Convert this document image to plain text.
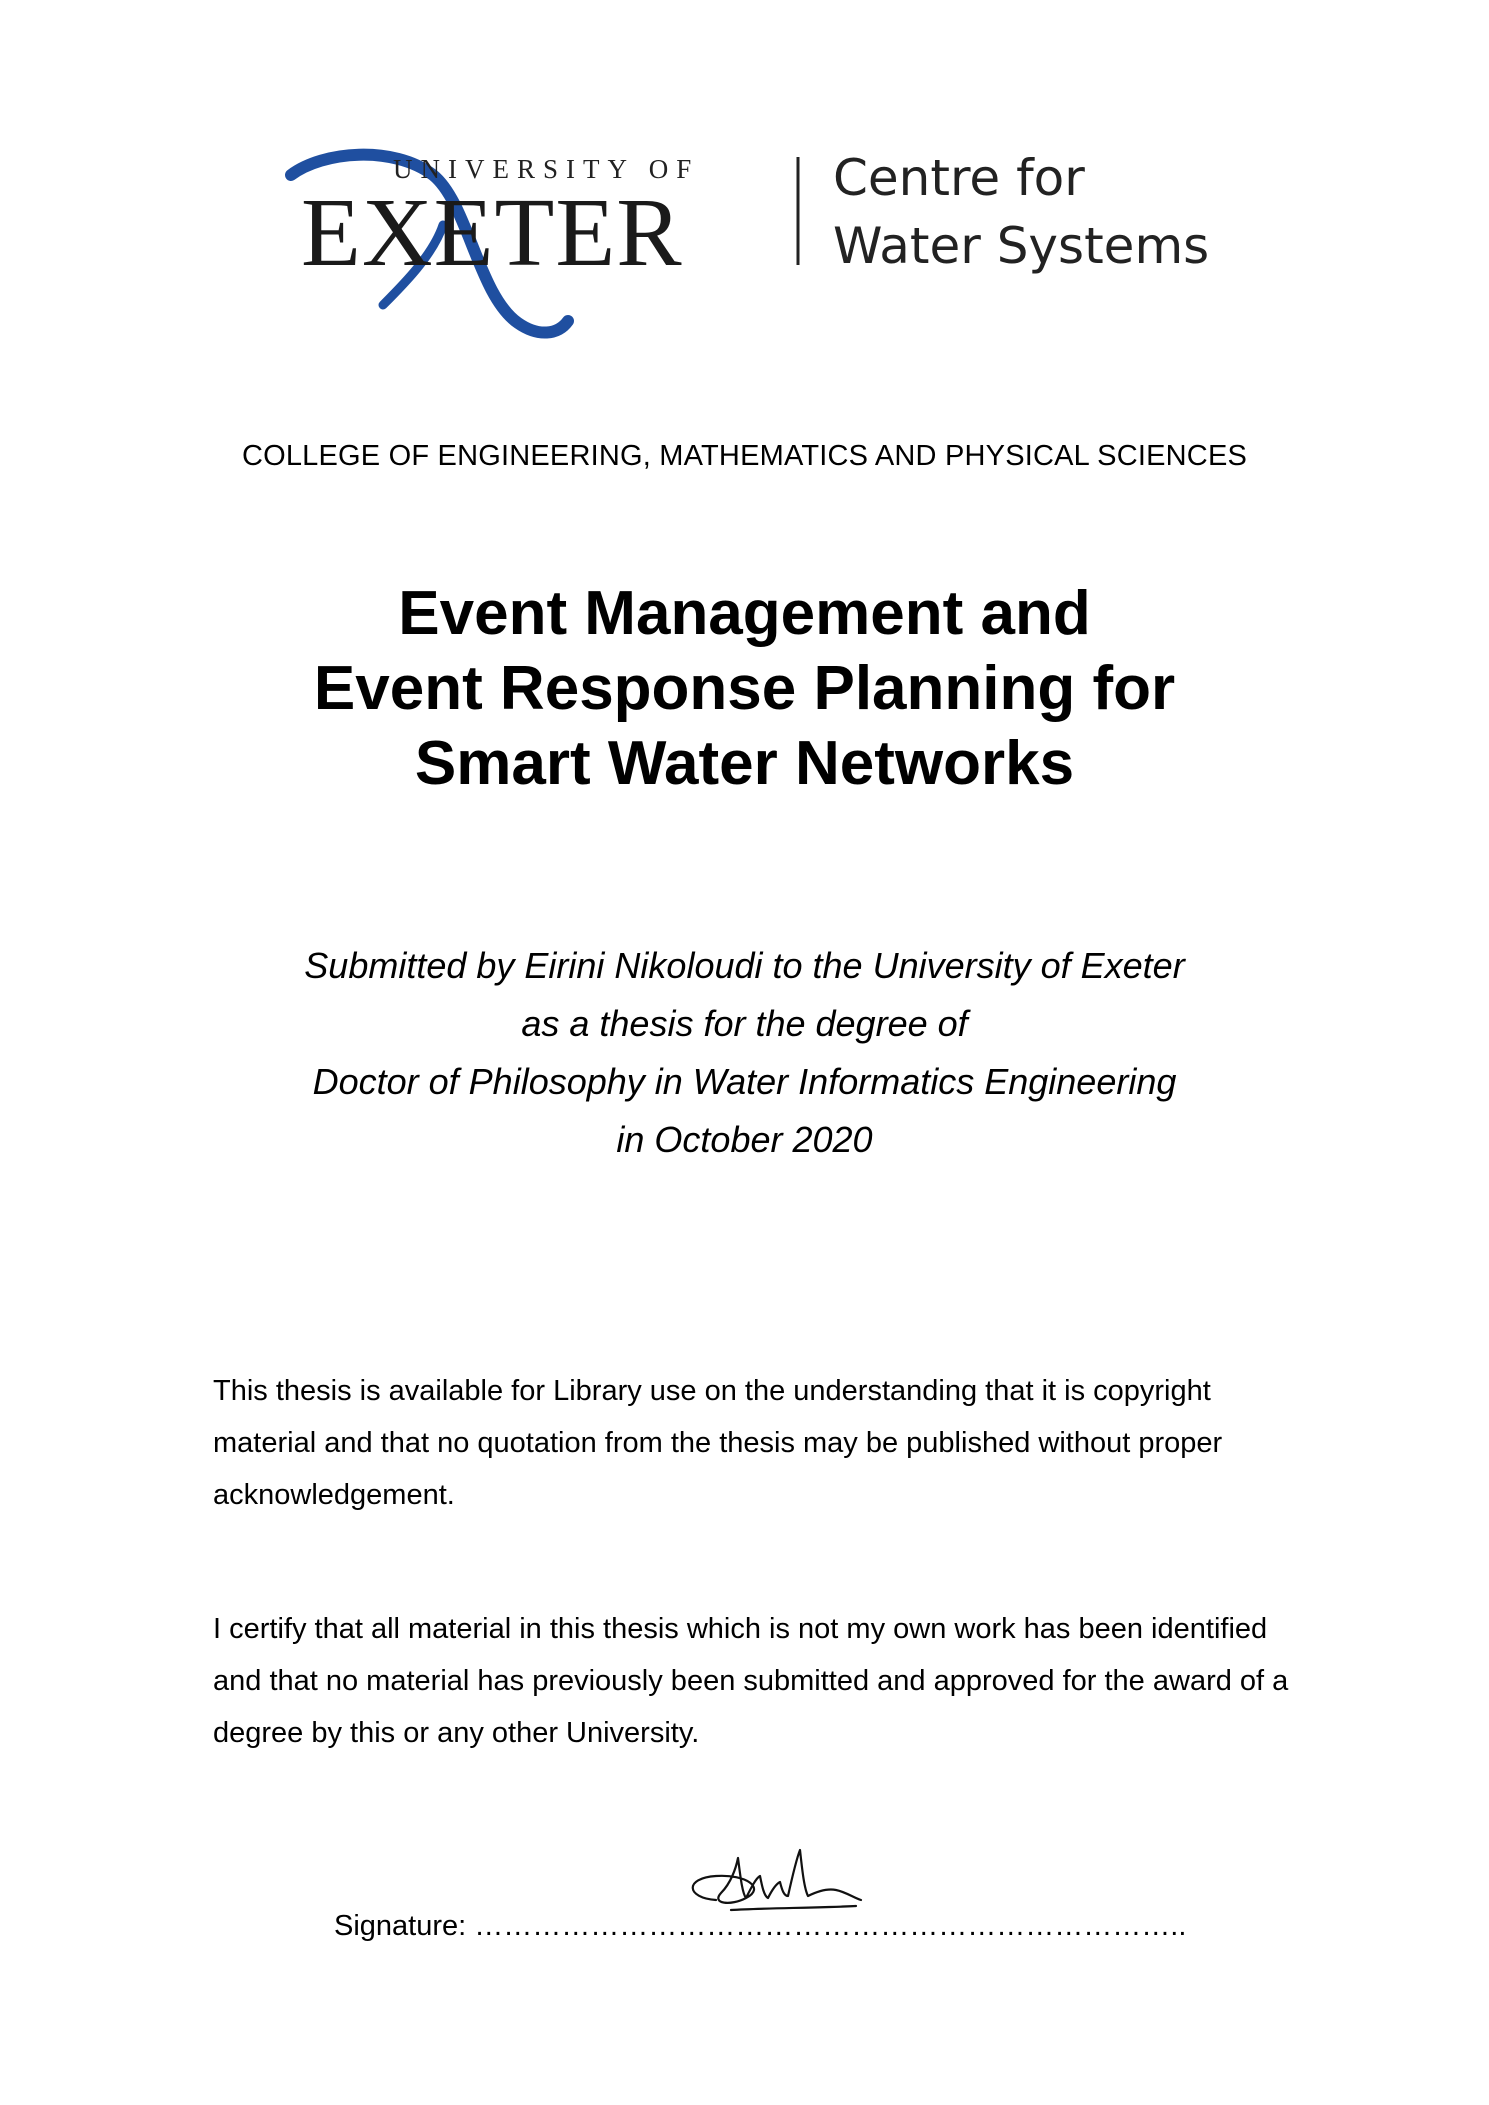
UNIVERSITY OF
EXETER
Centre for
Water Systems
COLLEGE OF ENGINEERING, MATHEMATICS AND PHYSICAL SCIENCES
Event Management and
Event Response Planning for
Smart Water Networks
Submitted by Eirini Nikoloudi to the University of Exeter
as a thesis for the degree of
Doctor of Philosophy in Water Informatics Engineering
in October 2020
This thesis is available for Library use on the understanding that it is copyright material and that no quotation from the thesis may be published without proper acknowledgement.
I certify that all material in this thesis which is not my own work has been identified and that no material has previously been submitted and approved for the award of a degree by this or any other University.
Signature: ………………………………………………………………..
